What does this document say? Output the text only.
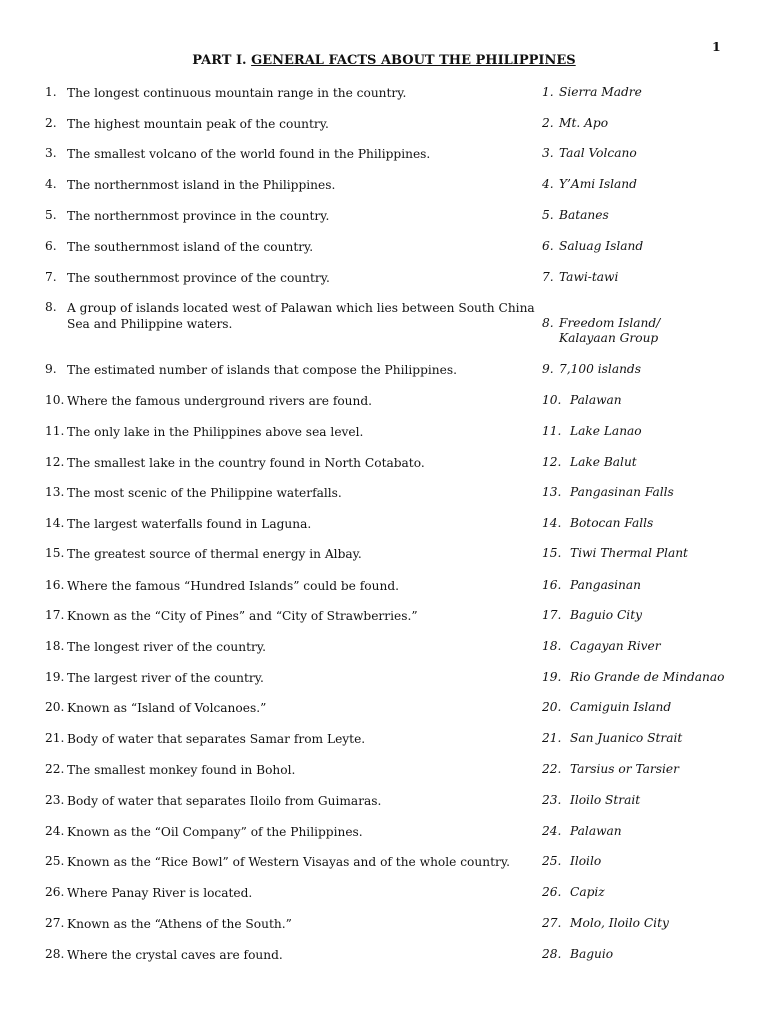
1
PART I. GENERAL FACTS ABOUT THE PHILIPPINES
1. The longest continuous mountain range in the country.	1. Sierra Madre
2. The highest mountain peak of the country.	2. Mt. Apo
3. The smallest volcano of the world found in the Philippines.	3. Taal Volcano
4. The northernmost island in the Philippines.	4. Y’Ami Island
5. The northernmost province in the country.	5. Batanes
6. The southernmost island of the country.	6. Saluag Island
7. The southernmost province of the country.	7. Tawi-tawi
8. A group of islands located west of Palawan which lies between South China Sea and Philippine waters.	8. Freedom Island/
Kalayaan Group
9. The estimated number of islands that compose the Philippines.	9. 7,100 islands
10. Where the famous underground rivers are found.	10. Palawan
11. The only lake in the Philippines above sea level.	11. Lake Lanao
12. The smallest lake in the country found in North Cotabato.	12. Lake Balut
13. The most scenic of the Philippine waterfalls.	13. Pangasinan Falls
14. The largest waterfalls found in Laguna.	14. Botocan Falls
15. The greatest source of thermal energy in Albay.	15. Tiwi Thermal Plant
16. Where the famous “Hundred Islands” could be found.	16. Pangasinan
17. Known as the “City of Pines” and “City of Strawberries.”	17. Baguio City
18. The longest river of the country.	18. Cagayan River
19. The largest river of the country.	19. Rio Grande de Mindanao
20. Known as “Island of Volcanoes.”	20. Camiguin Island
21. Body of water that separates Samar from Leyte.	21. San Juanico Strait
22. The smallest monkey found in Bohol.	22. Tarsius or Tarsier
23. Body of water that separates Iloilo from Guimaras.	23. Iloilo Strait
24. Known as the “Oil Company” of the Philippines.	24. Palawan
25. Known as the “Rice Bowl” of Western Visayas and of the whole country.	25. Iloilo
26. Where Panay River is located.	26. Capiz
27. Known as the “Athens of the South.”	27. Molo, Iloilo City
28. Where the crystal caves are found.	28. Baguio
